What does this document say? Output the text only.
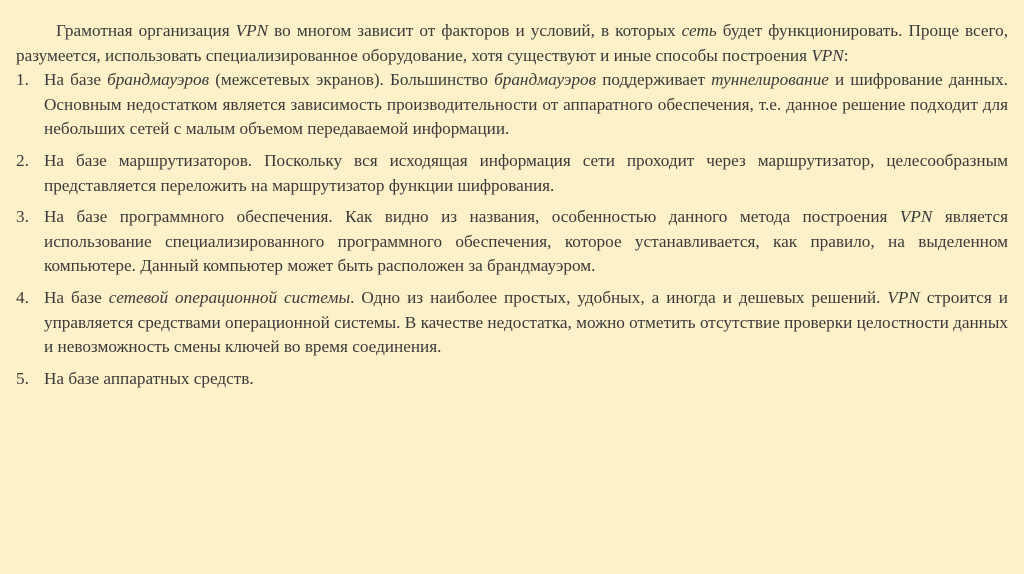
Грамотная организация VPN во многом зависит от факторов и условий, в которых сеть будет функционировать. Проще всего, разумеется, использовать специализированное оборудование, хотя существуют и иные способы построения VPN:

1. На базе брандмауэров (межсетевых экранов). Большинство брандмауэров поддерживает туннелирование и шифрование данных. Основным недостатком является зависимость производительности от аппаратного обеспечения, т.е. данное решение подходит для небольших сетей с малым объемом передаваемой информации.

2. На базе маршрутизаторов. Поскольку вся исходящая информация сети проходит через маршрутизатор, целесообразным представляется переложить на маршрутизатор функции шифрования.

3. На базе программного обеспечения. Как видно из названия, особенностью данного метода построения VPN является использование специализированного программного обеспечения, которое устанавливается, как правило, на выделенном компьютере. Данный компьютер может быть расположен за брандмауэром.

4. На базе сетевой операционной системы. Одно из наиболее простых, удобных, а иногда и дешевых решений. VPN строится и управляется средствами операционной системы. В качестве недостатка, можно отметить отсутствие проверки целостности данных и невозможность смены ключей во время соединения.

5. На базе аппаратных средств.
